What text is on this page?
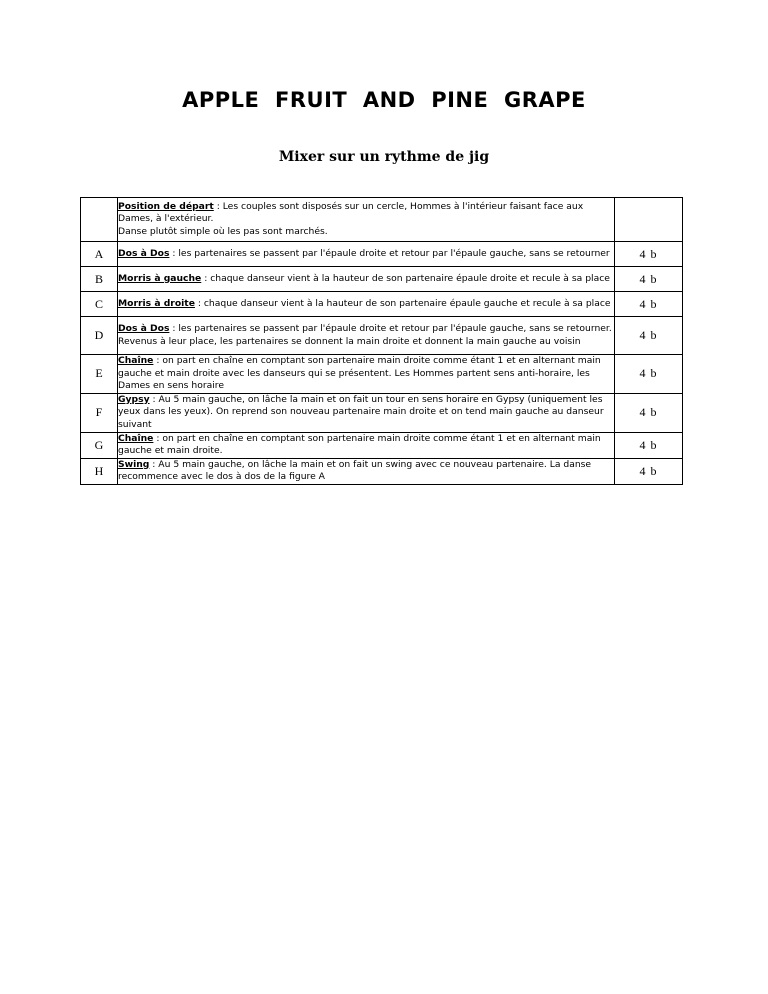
APPLE  FRUIT  AND  PINE  GRAPE
Mixer sur un rythme de jig
	Position de départ : Les couples sont disposés sur un cercle, Hommes à l'intérieur faisant face aux Dames, à l'extérieur.
Danse plutôt simple où les pas sont marchés.	

A	Dos à Dos : les partenaires se passent par l'épaule droite et retour par l'épaule gauche, sans se retourner	4 b
B	Morris à gauche : chaque danseur vient à la hauteur de son partenaire épaule droite et recule à sa place	4 b
C	Morris à droite : chaque danseur vient à la hauteur de son partenaire épaule gauche et recule à sa place	4 b
D	Dos à Dos : les partenaires se passent par l'épaule droite et retour par l'épaule gauche, sans se retourner. Revenus à leur place, les partenaires se donnent la main droite et donnent la main gauche au voisin	4 b
E	Chaîne : on part en chaîne en comptant son partenaire main droite comme étant 1 et en alternant main gauche et main droite avec les danseurs qui se présentent. Les Hommes partent sens anti-horaire, les Dames en sens horaire	4 b
F	Gypsy : Au 5 main gauche, on lâche la main et on fait un tour en sens horaire en Gypsy (uniquement les yeux dans les yeux). On reprend son nouveau partenaire main droite et on tend main gauche au danseur suivant	4 b
G	Chaîne : on part en chaîne en comptant son partenaire main droite comme étant 1 et en alternant main gauche et main droite.	4 b
H	Swing : Au 5 main gauche, on lâche la main et on fait un swing avec ce nouveau partenaire. La danse recommence avec le dos à dos de la figure A	4 b
